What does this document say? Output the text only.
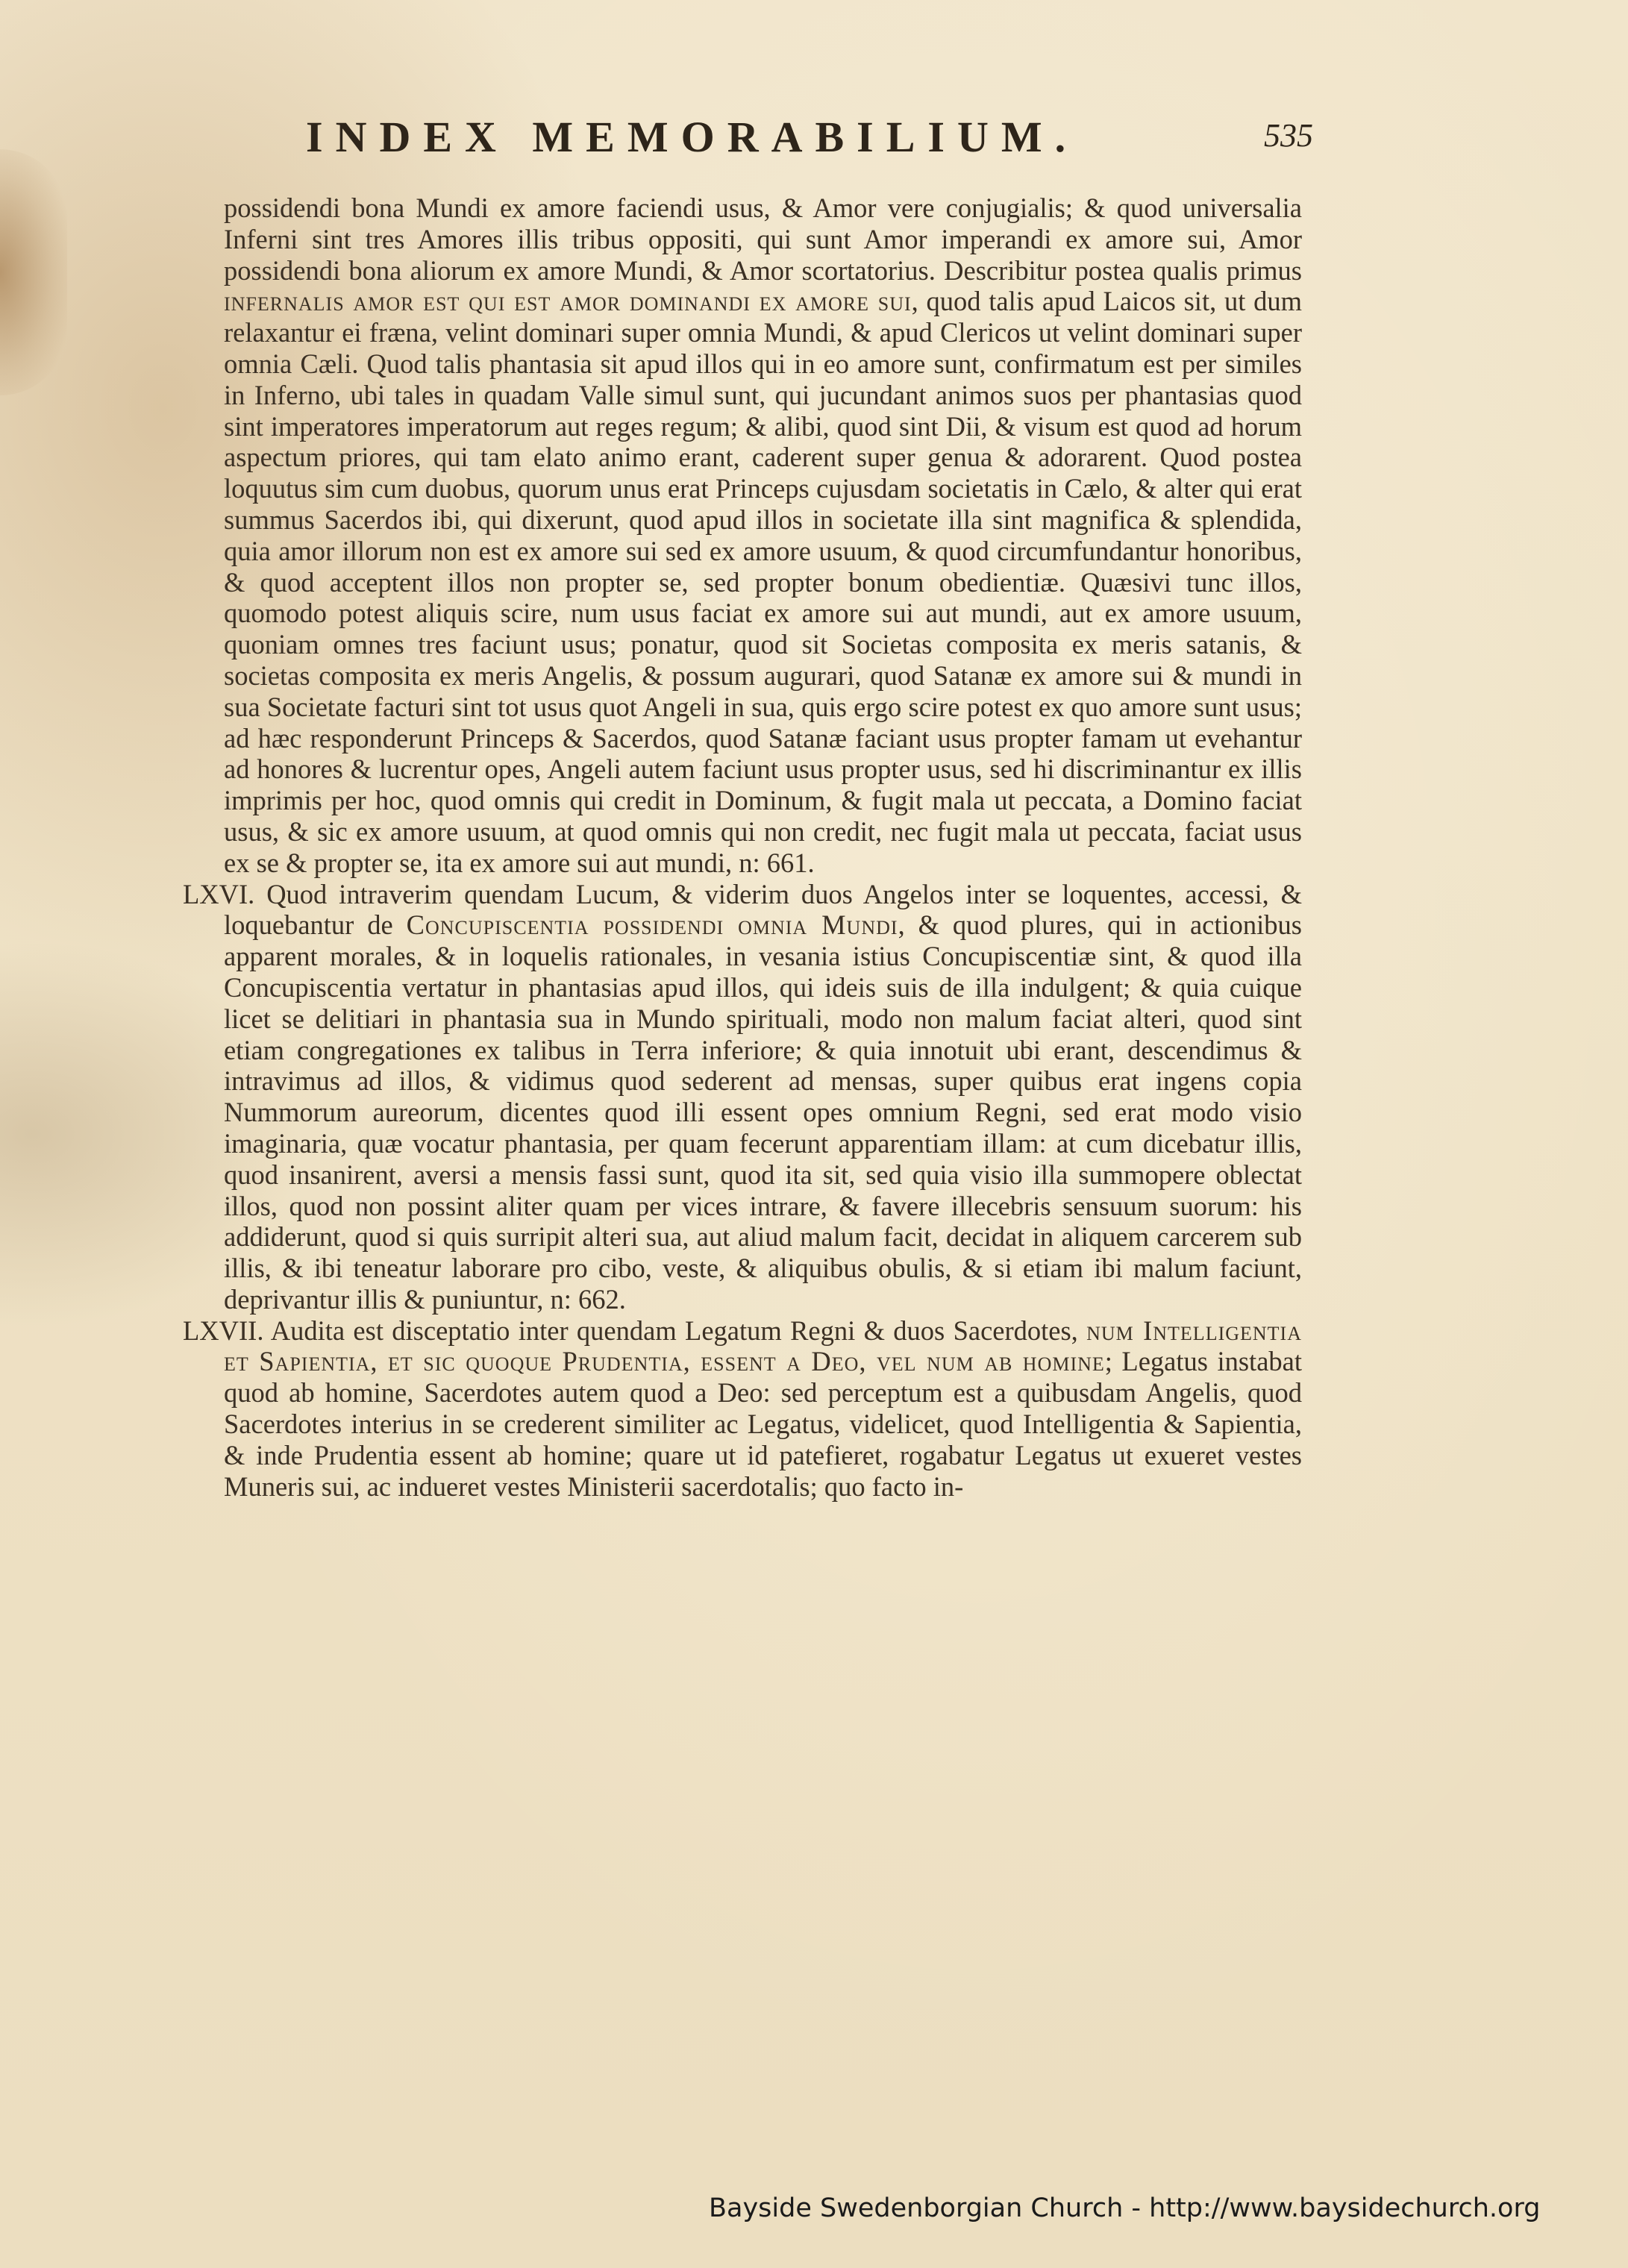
INDEX MEMORABILIUM.	535

possidendi bona Mundi ex amore faciendi usus, & Amor vere conjugialis; & quod universalia Inferni sint tres Amores illis tribus oppositi, qui sunt Amor imperandi ex amore sui, Amor possidendi bona aliorum ex amore Mundi, & Amor scortatorius. Describitur postea qualis primus infernalis amor est qui est amor dominandi ex amore sui, quod talis apud Laicos sit, ut dum relaxantur ei fræna, velint dominari super omnia Mundi, & apud Clericos ut velint dominari super omnia Cæli. Quod talis phantasia sit apud illos qui in eo amore sunt, confirmatum est per similes in Inferno, ubi tales in quadam Valle simul sunt, qui jucundant animos suos per phantasias quod sint imperatores imperatorum aut reges regum; & alibi, quod sint Dii, & visum est quod ad horum aspectum priores, qui tam elato animo erant, caderent super genua & adorarent. Quod postea loquutus sim cum duobus, quorum unus erat Princeps cujusdam societatis in Cælo, & alter qui erat summus Sacerdos ibi, qui dixerunt, quod apud illos in societate illa sint magnifica & splendida, quia amor illorum non est ex amore sui sed ex amore usuum, & quod circumfundantur honoribus, & quod acceptent illos non propter se, sed propter bonum obedientiæ. Quæsivi tunc illos, quomodo potest aliquis scire, num usus faciat ex amore sui aut mundi, aut ex amore usuum, quoniam omnes tres faciunt usus; ponatur, quod sit Societas composita ex meris satanis, & societas composita ex meris Angelis, & possum augurari, quod Satanæ ex amore sui & mundi in sua Societate facturi sint tot usus quot Angeli in sua, quis ergo scire potest ex quo amore sunt usus; ad hæc responderunt Princeps & Sacerdos, quod Satanæ faciant usus propter famam ut evehantur ad honores & lucrentur opes, Angeli autem faciunt usus propter usus, sed hi discriminantur ex illis imprimis per hoc, quod omnis qui credit in Dominum, & fugit mala ut peccata, a Domino faciat usus, & sic ex amore usuum, at quod omnis qui non credit, nec fugit mala ut peccata, faciat usus ex se & propter se, ita ex amore sui aut mundi, n: 661.

LXVI. Quod intraverim quendam Lucum, & viderim duos Angelos inter se loquentes, accessi, & loquebantur de Concupiscentia possidendi omnia Mundi, & quod plures, qui in actionibus apparent morales, & in loquelis rationales, in vesania istius Concupiscentiæ sint, & quod illa Concupiscentia vertatur in phantasias apud illos, qui ideis suis de illa indulgent; & quia cuique licet se delitiari in phantasia sua in Mundo spirituali, modo non malum faciat alteri, quod sint etiam congregationes ex talibus in Terra inferiore; & quia innotuit ubi erant, descendimus & intravimus ad illos, & vidimus quod sederent ad mensas, super quibus erat ingens copia Nummorum aureorum, dicentes quod illi essent opes omnium Regni, sed erat modo visio imaginaria, quæ vocatur phantasia, per quam fecerunt apparentiam illam: at cum dicebatur illis, quod insanirent, aversi a mensis fassi sunt, quod ita sit, sed quia visio illa summopere oblectat illos, quod non possint aliter quam per vices intrare, & favere illecebris sensuum suorum: his addiderunt, quod si quis surripit alteri sua, aut aliud malum facit, decidat in aliquem carcerem sub illis, & ibi teneatur laborare pro cibo, veste, & aliquibus obulis, & si etiam ibi malum faciunt, deprivantur illis & puniuntur, n: 662.

LXVII. Audita est disceptatio inter quendam Legatum Regni & duos Sacerdotes, num Intelligentia et Sapientia, et sic quoque Prudentia, essent a Deo, vel num ab homine; Legatus instabat quod ab homine, Sacerdotes autem quod a Deo: sed perceptum est a quibusdam Angelis, quod Sacerdotes interius in se crederent similiter ac Legatus, videlicet, quod Intelligentia & Sapientia, & inde Prudentia essent ab homine; quare ut id patefieret, rogabatur Legatus ut exueret vestes Muneris sui, ac indueret vestes Ministerii sacerdotalis; quo facto in-

Bayside Swedenborgian Church - http://www.baysidechurch.org
